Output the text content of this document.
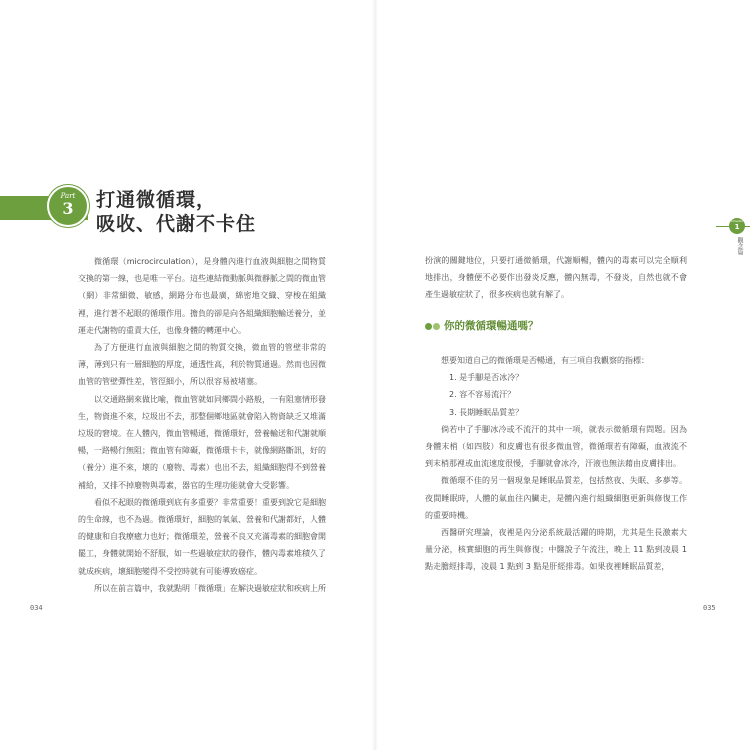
Part
3	打通微循環，
吸收、代謝不卡住

微循環（microcirculation），是身體內進行血液與細胞之間物質交換的第一線，也是唯一平台。這些連結微動脈與微靜脈之間的微血管（網）非常細微、敏感，網路分布也最廣，綿密地交織、穿梭在組織裡，進行著不起眼的循環作用。擔負的卻是向各組織細胞輸送養分，並運走代謝物的重責大任，也像身體的轉運中心。

為了方便進行血液與細胞之間的物質交換，微血管的管壁非常的薄，薄到只有一層細胞的厚度，通透性高，利於物質通過。然而也因微血管的管壁彈性差，管徑細小，所以很容易被堵塞。

以交通路網來做比喻，微血管就如同鄉間小路般，一有阻塞情形發生，物資進不來，垃圾出不去，那整個鄉地區就會陷入物資缺乏又堆滿垃圾的窘境。在人體內，微血管暢通，微循環好，營養輸送和代謝就順暢，一路暢行無阻；微血管有障礙，微循環卡卡，就像網路斷訊，好的（養分）進不來，壞的（廢物、毒素）也出不去，組織細胞得不到營養補給，又排不掉廢物與毒素，器官的生理功能就會大受影響。

看似不起眼的微循環到底有多重要？非常重要！重要到說它是細胞的生命線，也不為過。微循環好，細胞的氧氣、營養和代謝都好，人體的健康和自我療癒力也好；微循環差，營養不良又充滿毒素的細胞會開罷工，身體就開始不舒服，如一些過敏症狀的發作，體內毒素堆積久了就成疾病，壞細胞變得不受控時就有可能導致癌症。

所以在前言篇中，我就點明「微循環」在解決過敏症狀和疾病上所

034

扮演的關鍵地位，只要打通微循環，代謝順暢，體內的毒素可以完全順利地排出，身體便不必要作出發炎反應，體內無毒，不發炎，自然也就不會產生過敏症狀了，很多疾病也就有解了。

你的微循環暢通嗎？

想要知道自己的微循環是否暢通，有三項自我觀察的指標：

1. 是手腳是否冰冷？

2. 容不容易流汗？

3. 長期睡眠品質差？

倘若中了手腳冰冷或不流汗的其中一項，就表示微循環有問題。因為身體末梢（如四肢）和皮膚也有很多微血管，微循環若有障礙，血液流不到末梢那裡或血流速度很慢，手腳就會冰冷，汗液也無法藉由皮膚排出。

微循環不佳的另一個現象是睡眠品質差，包括熬夜、失眠、多夢等。夜間睡眠時，人體的氣血往內臟走，是體內進行組織細胞更新與修復工作的重要時機。

西醫研究理論，夜裡是內分泌系統最活躍的時期，尤其是生長激素大量分泌，核實細胞的再生與修復；中醫說子午流注，晚上 11 點到凌晨 1 點走膽經排毒，凌晨 1 點到 3 點是肝經排毒。如果夜裡睡眠品質差，

035
Chapter
1
觀念篇
